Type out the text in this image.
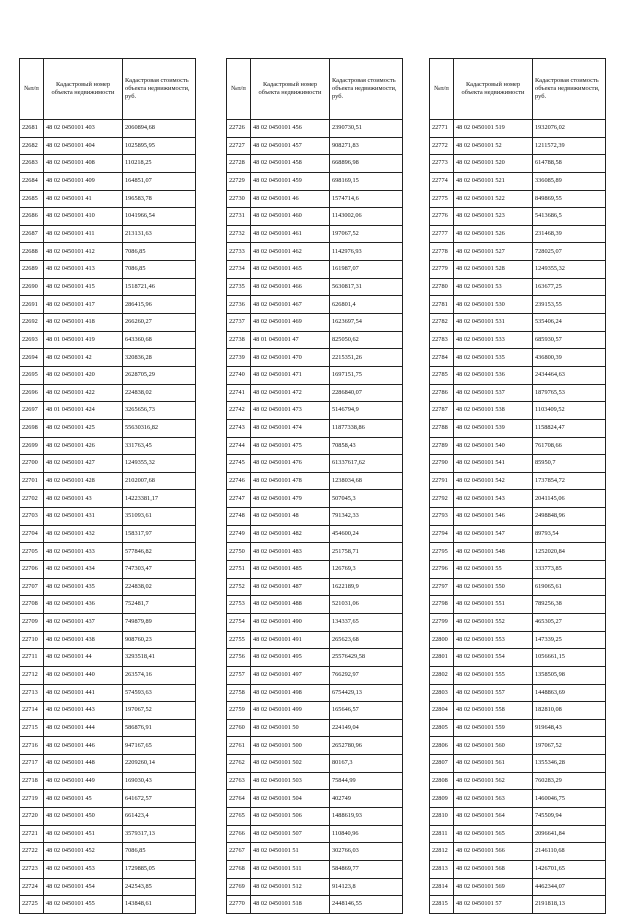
№п/п	Кадастровый номер объекта недвижимости	Кадастровая стоимость объекта недвижимости, руб.
22681	48 02 0450101 403	2060894,68
22682	48 02 0450101 404	1025895,95
22683	48 02 0450101 408	110218,25
22684	48 02 0450101 409	164851,07
22685	48 02 0450101 41	196583,78
22686	48 02 0450101 410	1041966,54
22687	48 02 0450101 411	213131,63
22688	48 02 0450101 412	7086,85
22689	48 02 0450101 413	7086,85
22690	48 02 0450101 415	1518721,46
22691	48 02 0450101 417	286415,96
22692	48 02 0450101 418	266260,27
22693	48 01 0450101 419	643360,68
22694	48 02 0450101 42	320836,28
22695	48 02 0450101 420	2628705,29
22696	48 02 0450101 422	224838,02
22697	48 01 0450101 424	3265656,73
22698	48 02 0450101 425	55630316,82
22699	48 02 0450101 426	331763,45
22700	48 02 0450101 427	1249355,32
22701	48 02 0450101 428	2102007,68
22702	48 02 0450101 43	14223381,17
22703	48 02 0450101 431	351093,61
22704	48 02 0450101 432	158317,97
22705	48 02 0450101 433	577846,82
22706	48 02 0450101 434	747303,47
22707	48 02 0450101 435	224838,02
22708	48 02 0450101 436	752481,7
22709	48 02 0450101 437	749879,89
22710	48 02 0450101 438	908760,23
22711	48 02 0450101 44	3293518,41
22712	48 02 0450101 440	263574,16
22713	48 02 0450101 441	574593,63
22714	48 02 0450101 443	197067,52
22715	48 02 0450101 444	586876,91
22716	48 02 0450101 446	947167,65
22717	48 02 0450101 448	2209260,14
22718	48 02 0450101 449	169030,43
22719	48 02 0450101 45	641672,57
22720	48 02 0450101 450	661423,4
22721	48 02 0450101 451	3579317,13
22722	48 02 0450101 452	7086,85
22723	48 02 0450101 453	1729885,05
22724	48 02 0450101 454	242543,85
22725	48 02 0450101 455	143848,61
№п/п	Кадастровый номер объекта недвижимости	Кадастровая стоимость объекта недвижимости, руб.
22726	48 02 0450101 456	2390730,51
22727	48 02 0450101 457	908271,83
22728	48 02 0450101 458	668896,98
22729	48 02 0450101 459	698169,15
22730	48 02 0450101 46	1574714,6
22731	48 02 0450101 460	1143002,06
22732	48 02 0450101 461	197067,52
22733	48 02 0450101 462	1142976,93
22734	48 02 0450101 465	161987,07
22735	48 02 0450101 466	5630817,31
22736	48 02 0450101 467	626801,4
22737	48 02 0450101 469	1623697,54
22738	48 01 0450101 47	825050,62
22739	48 02 0450101 470	2215351,26
22740	48 02 0450101 471	1697151,75
22741	48 02 0450101 472	2286840,07
22742	48 02 0450101 473	5146794,9
22743	48 02 0450101 474	11877338,86
22744	48 02 0450101 475	70858,43
22745	48 02 0450101 476	61337617,62
22746	48 02 0450101 478	1238034,68
22747	48 02 0450101 479	507045,3
22748	48 02 0450101 48	791342,33
22749	48 02 0450101 482	454600,24
22750	48 02 0450101 483	251758,71
22751	48 02 0450101 485	126769,3
22752	48 02 0450101 487	1622189,9
22753	48 02 0450101 488	521031,06
22754	48 02 0450101 490	134337,65
22755	48 02 0450101 491	265623,68
22756	48 02 0450101 495	25576429,58
22757	48 02 0450101 497	766292,97
22758	48 02 0450101 498	6754429,13
22759	48 02 0450101 499	165646,57
22760	48 02 0450101 50	224149,04
22761	48 02 0450101 500	2652780,96
22762	48 02 0450101 502	80167,3
22763	48 02 0450101 503	75844,99
22764	48 02 0450101 504	402749
22765	48 02 0450101 506	1488619,93
22766	48 02 0450101 507	110840,96
22767	48 02 0450101 51	302766,03
22768	48 02 0450101 511	584869,77
22769	48 02 0450101 512	914123,8
22770	48 02 0450101 518	2448146,55
№п/п	Кадастровый номер объекта недвижимости	Кадастровая стоимость объекта недвижимости, руб.
22771	48 02 0450101 519	1932076,02
22772	48 02 0450101 52	1211572,39
22773	48 02 0450101 520	614788,58
22774	48 02 0450101 521	336085,89
22775	48 02 0450101 522	849869,55
22776	48 02 0450101 523	5413686,5
22777	48 02 0450101 526	231468,39
22778	48 02 0450101 527	728025,07
22779	48 02 0450101 528	1249355,32
22780	48 02 0450101 53	163677,25
22781	48 02 0450101 530	239153,55
22782	48 02 0450101 531	535406,24
22783	48 02 0450101 533	685930,57
22784	48 02 0450101 535	436800,39
22785	48 02 0450101 536	2434464,63
22786	48 02 0450101 537	1879765,53
22787	48 02 0450101 538	1103409,52
22788	48 02 0450101 539	1158824,47
22789	48 02 0450101 540	761708,66
22790	48 02 0450101 541	85950,7
22791	48 02 0450101 542	1737854,72
22792	48 02 0450101 543	2041145,06
22793	48 02 0450101 546	2498848,96
22794	48 02 0450101 547	89793,54
22795	48 02 0450101 548	1252020,84
22796	48 02 0450101 55	333773,85
22797	48 02 0450101 550	619065,61
22798	48 02 0450101 551	789256,38
22799	48 02 0450101 552	465305,27
22800	48 02 0450101 553	147339,25
22801	48 02 0450101 554	1056661,15
22802	48 02 0450101 555	1358505,98
22803	48 02 0450101 557	1448863,69
22804	48 02 0450101 558	182810,08
22805	48 02 0450101 559	919648,43
22806	48 02 0450101 560	197067,52
22807	48 02 0450101 561	1355346,28
22808	48 02 0450101 562	760283,29
22809	48 02 0450101 563	1460046,75
22810	48 02 0450101 564	745509,94
22811	48 02 0450101 565	2096641,84
22812	48 02 0450101 566	2146110,68
22813	48 02 0450101 568	1426701,65
22814	48 02 0450101 569	4462344,07
22815	48 02 0450101 57	2191818,13
